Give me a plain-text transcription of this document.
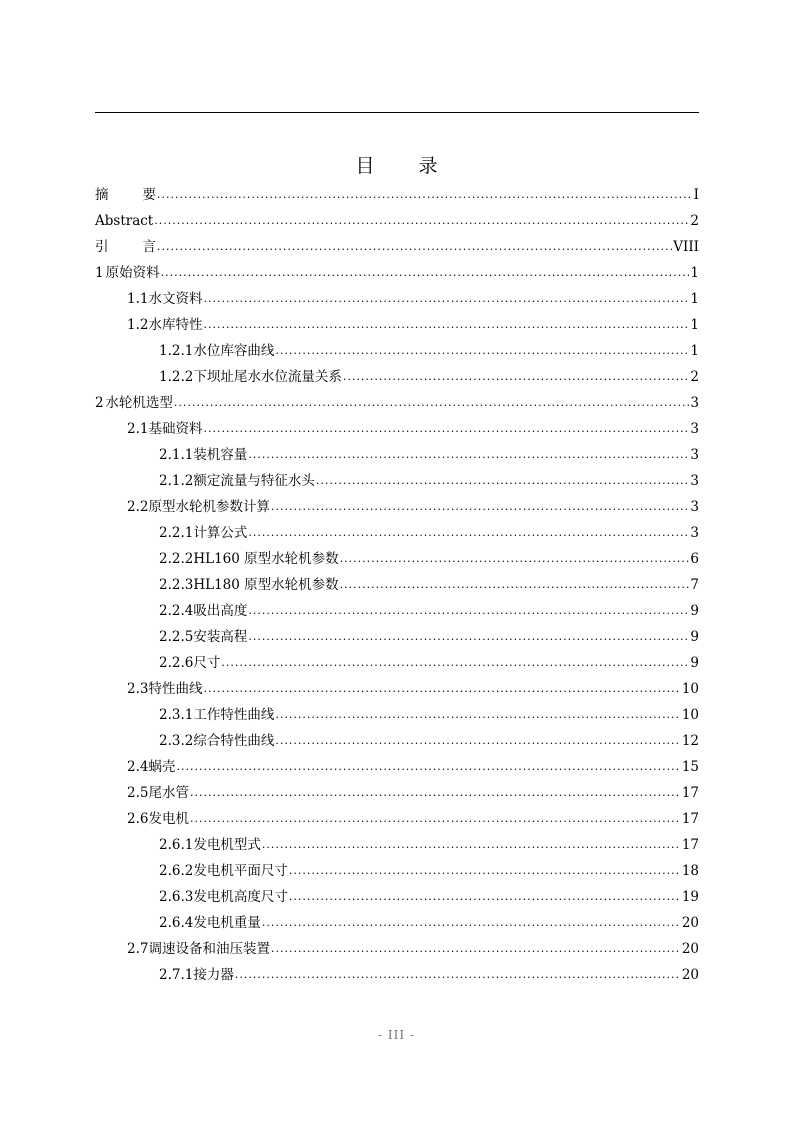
目 录
摘	要 .....	I
Abstract .....	2
引	言 .....	VIII
1 原始资料 .....	1
1.1 水文资料 .....	1
1.2 水库特性 .....	1
1.2.1 水位库容曲线 .....	1
1.2.2 下坝址尾水水位流量关系 .....	2
2 水轮机选型 .....	3
2.1 基础资料 .....	3
2.1.1 装机容量 .....	3
2.1.2 额定流量与特征水头 .....	3
2.2 原型水轮机参数计算 .....	3
2.2.1 计算公式 .....	3
2.2.2 HL160 原型水轮机参数 .....	6
2.2.3 HL180 原型水轮机参数 .....	7
2.2.4 吸出高度 .....	9
2.2.5 安装高程 .....	9
2.2.6 尺寸 .....	9
2.3 特性曲线 .....	10
2.3.1 工作特性曲线 .....	10
2.3.2 综合特性曲线 .....	12
2.4 蜗壳 .....	15
2.5 尾水管 .....	17
2.6 发电机 .....	17
2.6.1 发电机型式 .....	17
2.6.2 发电机平面尺寸 .....	18
2.6.3 发电机高度尺寸 .....	19
2.6.4 发电机重量 .....	20
2.7 调速设备和油压装置 .....	20
2.7.1 接力器 .....	20
- III -
